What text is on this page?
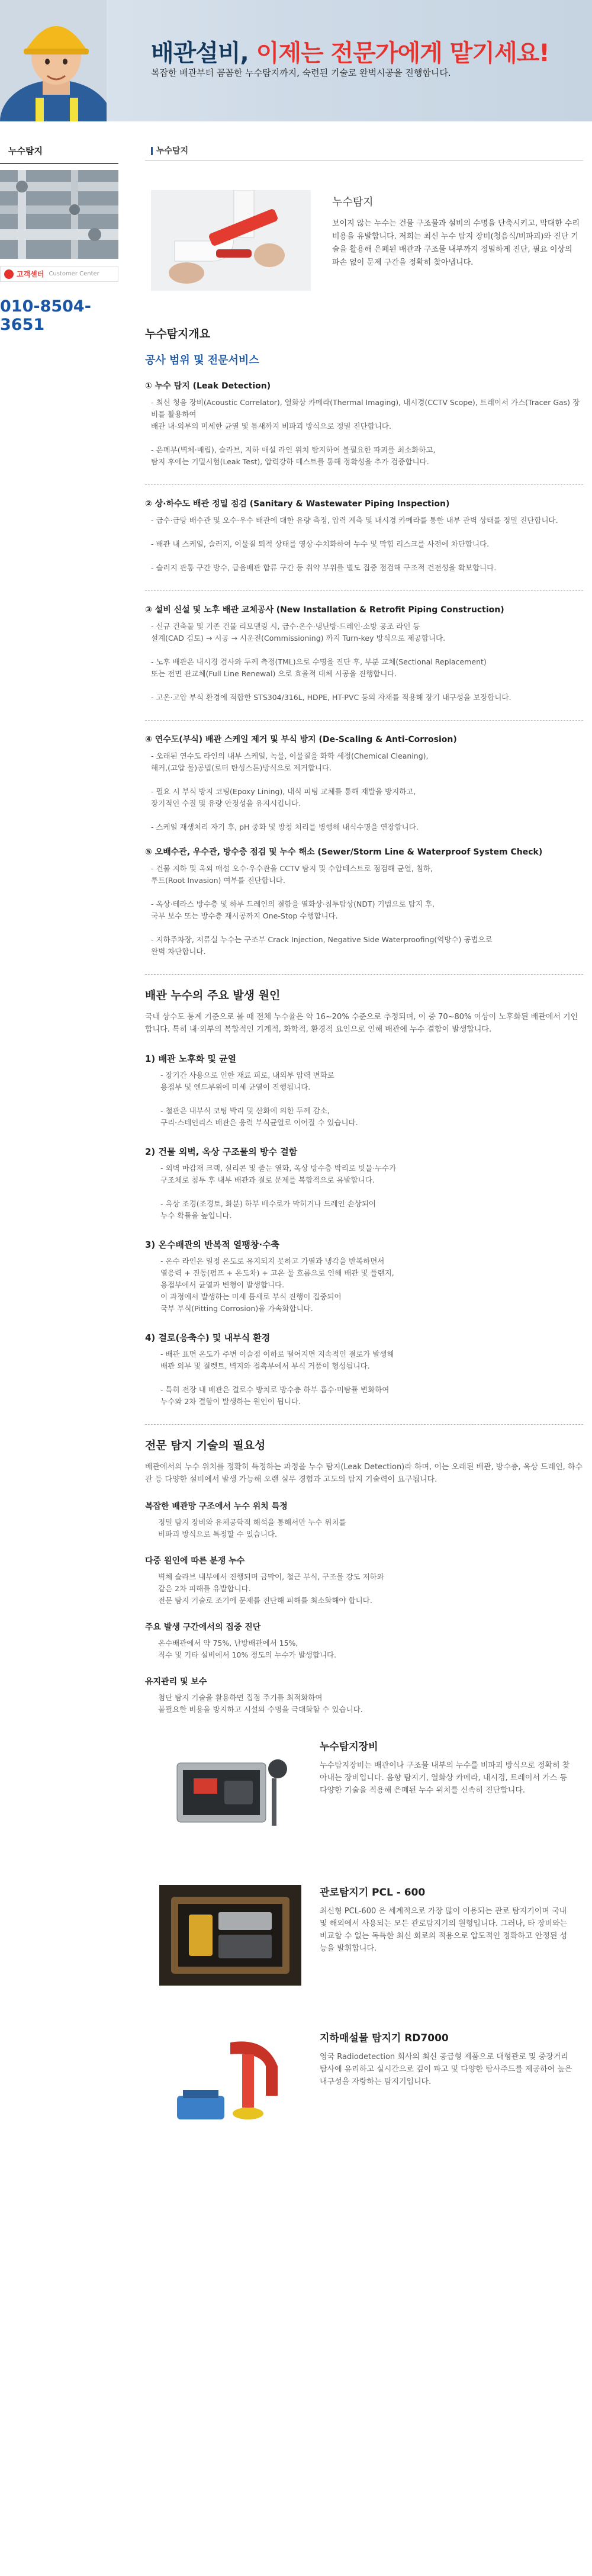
배관설비, 이제는 전문가에게 맡기세요!
복잡한 배관부터 꼼꼼한 누수탐지까지, 숙련된 기술로 완벽시공을 진행합니다.
누수탐지
고객센터 Customer Center
010-8504-3651
누수탐지
누수탐지

보이지 않는 누수는 건물 구조물과 설비의 수명을 단축시키고, 막대한 수리 비용을 유발합니다. 저희는 최신 누수 탐지 장비(청음식/비파괴)와 진단 기술을 활용해 은폐된 배관과 구조물 내부까지 정밀하게 진단, 필요 이상의 파손 없이 문제 구간을 정확히 찾아냅니다.

누수탐지개요
공사 범위 및 전문서비스
① 누수 탐지 (Leak Detection)

- 최신 청음 장비(Acoustic Correlator), 열화상 카메라(Thermal Imaging), 내시경(CCTV Scope), 트레이서 가스(Tracer Gas) 장비를 활용하여
배관 내·외부의 미세한 균열 및 틈새까지 비파괴 방식으로 정밀 진단합니다.

- 은폐부(벽체·매립), 슬라브, 지하 매설 라인 위치 탐지하여 불필요한 파괴를 최소화하고,
탐지 후에는 기밀시험(Leak Test), 압력강하 테스트를 통해 정확성을 추가 검증합니다.

② 상·하수도 배관 정밀 점검 (Sanitary & Wastewater Piping Inspection)

- 급수·급탕 배수관 및 오수·우수 배관에 대한 유량 측정, 압력 계측 및 내시경 카메라를 통한 내부 관벽 상태를 정밀 진단합니다.

- 배관 내 스케일, 슬러지, 이물질 퇴적 상태를 영상·수치화하여 누수 및 막힘 리스크를 사전에 차단합니다.

- 슬러지 관통 구간 방수, 급음배관 합류 구간 등 취약 부위를 별도 집중 점검해 구조적 건전성을 확보합니다.

③ 설비 신설 및 노후 배관 교체공사 (New Installation & Retrofit Piping Construction)

- 신규 건축물 및 기존 건물 리모델링 시, 급수·온수·냉난방·드레인·소방 공조 라인 등
설계(CAD 검토) → 시공 → 시운전(Commissioning) 까지 Turn-key 방식으로 제공합니다.

- 노후 배관은 내시경 검사와 두께 측정(TML)으로 수명을 진단 후, 부분 교체(Sectional Replacement)
또는 전면 관교체(Full Line Renewal) 으로 효율적 대체 시공을 진행합니다.

- 고온·고압 부식 환경에 적합한 STS304/316L, HDPE, HT-PVC 등의 자재를 적용해 장기 내구성을 보장합니다.

④ 연수도(부식) 배관 스케일 제거 및 부식 방지 (De-Scaling & Anti-Corrosion)

- 오래된 연수도 라인의 내부 스케일, 녹물, 이물질을 화학 세정(Chemical Cleaning),
해커,(고압 물)공법(로터 탄성스톤)방식으로 제거합니다.

- 필요 시 부식 방지 코팅(Epoxy Lining), 내식 피팅 교체를 통해 재발을 방지하고,
장기적인 수질 및 유량 안정성을 유지시킵니다.

- 스케일 재생처리 자기 후, pH 중화 및 방청 처리를 병행해 내식수명을 연장합니다.

⑤ 오배수관, 우수관, 방수층 점검 및 누수 해소 (Sewer/Storm Line & Waterproof System Check)

- 건물 지하 및 옥외 매설 오수·우수관을 CCTV 탐지 및 수압테스트로 점검해 균열, 침하,
루트(Root Invasion) 여부를 진단합니다.

- 옥상·테라스 방수층 및 하부 드레인의 결함을 열화상·침투탐상(NDT) 기법으로 탐지 후,
국부 보수 또는 방수층 재시공까지 One-Stop 수행합니다.

- 지하주차장, 저류실 누수는 구조부 Crack Injection, Negative Side Waterproofing(역방수) 공법으로
완벽 차단합니다.

배관 누수의 주요 발생 원인

국내 상수도 통계 기준으로 볼 때 전체 누수율은 약 16~20% 수준으로 추정되며, 이 중 70~80% 이상이 노후화된 배관에서 기인합니다. 특히 내·외부의 복합적인 기계적, 화학적, 환경적 요인으로 인해 배관에 누수 결함이 발생합니다.

1) 배관 노후화 및 균열

- 장기간 사용으로 인한 재료 피로, 내외부 압력 변화로
용접부 및 엔드부위에 미세 균열이 진행됩니다.

- 철관은 내부식 코팅 박리 및 산화에 의한 두께 감소,
구리·스테인리스 배관은 응력 부식균열로 이어질 수 있습니다.

2) 건물 외벽, 옥상 구조물의 방수 결함

- 외벽 마감재 크랙, 실리콘 및 줄눈 열화, 옥상 방수층 박리로 빗물·누수가
구조체로 침투 후 내부 배관과 결로 문제를 복합적으로 유발합니다.

- 옥상 조경(조경토, 화분) 하부 배수로가 막히거나 드레인 손상되어
누수 확률을 높입니다.

3) 온수배관의 반복적 열팽창·수축

- 온수 라인은 일정 온도로 유지되지 못하고 가열과 냉각을 반복하면서
열응력 + 진동(펌프 + 온도차) + 고온 물 흐름으로 인해 배관 및 플랜지,
용접부에서 균열과 변형이 발생합니다.
이 과정에서 발생하는 미세 틈새로 부식 진행이 집중되어
국부 부식(Pitting Corrosion)을 가속화합니다.

4) 결로(응축수) 및 내부식 환경

- 배관 표면 온도가 주변 이슬점 이하로 떨어지면 지속적인 결로가 발생해
배관 외부 및 결렛트, 벽지와 접촉부에서 부식 거품이 형성됩니다.

- 특히 전장 내 배관은 결로수 방치로 방수층 하부 흡수·미탐률 변화하여
누수와 2차 결함이 발생하는 원인이 됩니다.

전문 탐지 기술의 필요성

배관에서의 누수 위치를 정확히 특정하는 과정을 누수 탐지(Leak Detection)라 하며, 이는 오래된 배관, 방수층, 옥상 드레인, 하수관 등 다양한 설비에서 발생 가능해 오랜 실무 경험과 고도의 탐지 기술력이 요구됩니다.

복잡한 배관망 구조에서 누수 위치 특정

정밀 탐지 장비와 유체공학적 해석을 통해서만 누수 위치를
비파괴 방식으로 특정할 수 있습니다.

다중 원인에 따른 분쟁 누수

벽체 슬라브 내부에서 진행되며 금막이, 철근 부식, 구조물 강도 저하와
같은 2차 피해를 유발합니다.
전문 탐지 기술로 조기에 문제를 진단해 피해를 최소화해야 합니다.

주요 발생 구간에서의 집중 진단

온수배관에서 약 75%, 난방배관에서 15%,
직수 및 기타 설비에서 10% 정도의 누수가 발생합니다.

유지관리 및 보수

첨단 탐지 기술을 활용하면 집점 주기를 최적화하여
불필요한 비용을 방지하고 시설의 수명을 극대화할 수 있습니다.

누수탐지장비

누수탐지장비는 배관이나 구조물 내부의 누수를 비파괴 방식으로 정확히 찾아내는 장비입니다. 음향 탐지기, 열화상 카메라, 내시경, 트레이서 가스 등 다양한 기술을 적용해 은폐된 누수 위치를 신속히 진단합니다.

관로탐지기 PCL - 600

최신형 PCL-600 은 세계적으로 가장 많이 이용되는 관로 탐지기이며 국내 및 해외에서 사용되는 모든 관로탐지기의 원형입니다. 그러나, 타 장비와는 비교할 수 없는 독특한 최신 회로의 적용으로 압도적인 정확하고 안정된 성능을 발휘합니다.

지하매설물 탐지기 RD7000

영국 Radiodetection 회사의 최신 공급형 제품으로 대형관로 및 중장거리 탐사에 유리하고 실시간으로 깊이 파고 및 다양한 탐사주드를 제공하여 높은 내구성을 자랑하는 탐지기입니다.
